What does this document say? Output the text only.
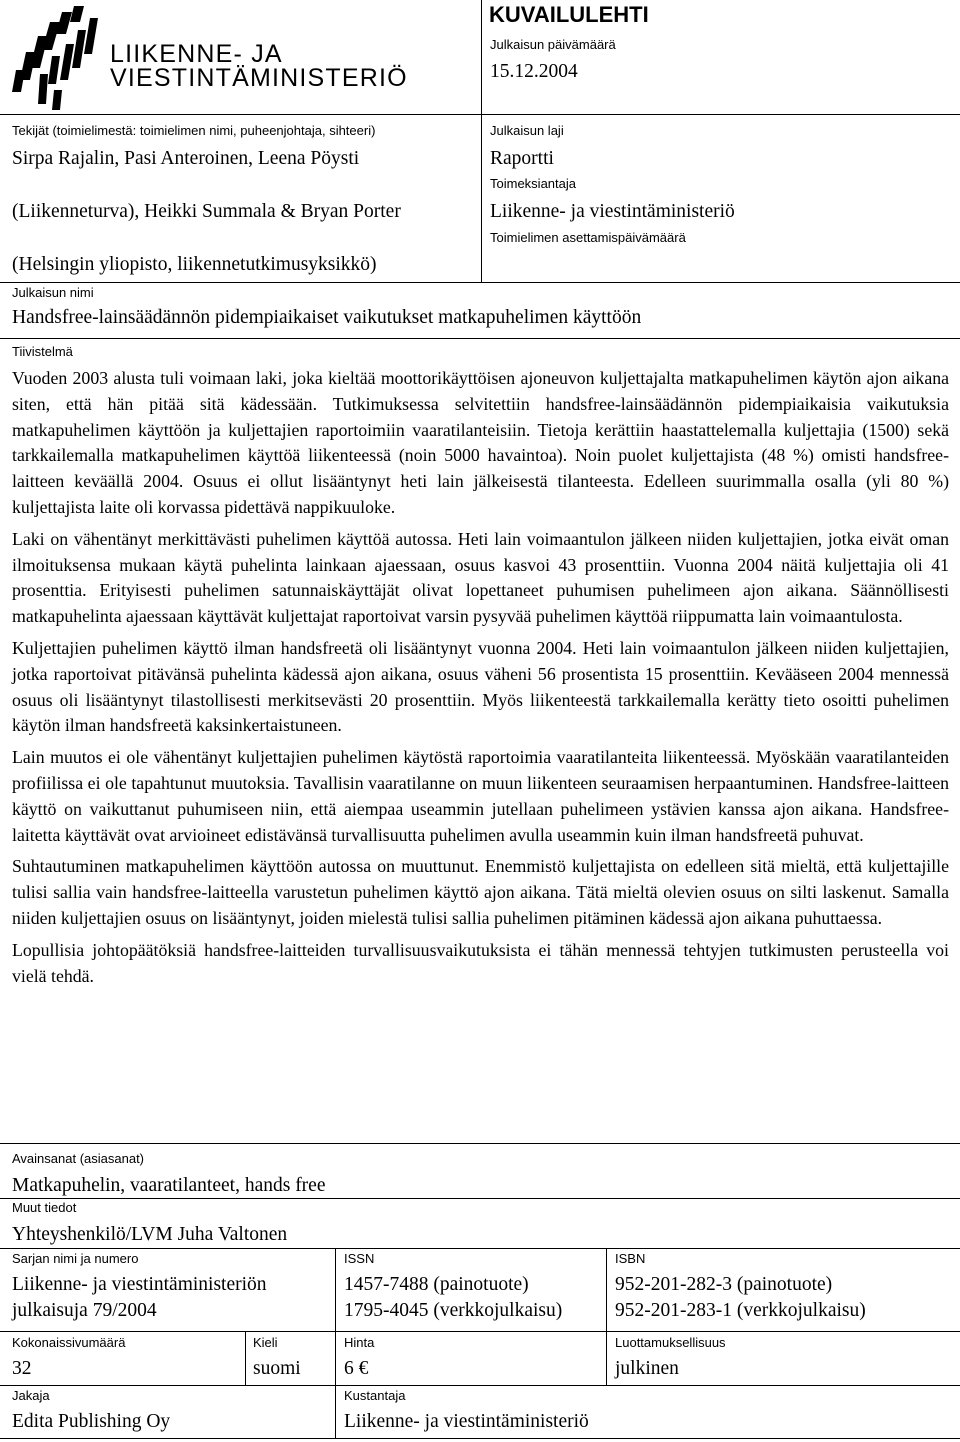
LIIKENNE- JA
VIESTINTÄMINISTERIÖ
KUVAILULEHTI
Julkaisun päivämäärä
15.12.2004
Tekijät (toimielimestä: toimielimen nimi, puheenjohtaja, sihteeri)
Sirpa Rajalin, Pasi Anteroinen, Leena Pöysti
(Liikenneturva), Heikki Summala & Bryan Porter
(Helsingin yliopisto, liikennetutkimusyksikkö)
Julkaisun laji
Raportti
Toimeksiantaja
Liikenne- ja viestintäministeriö
Toimielimen asettamispäivämäärä
Julkaisun nimi
Handsfree-lainsäädännön pidempiaikaiset vaikutukset matkapuhelimen käyttöön
Tiivistelmä

Vuoden 2003 alusta tuli voimaan laki, joka kieltää moottorikäyttöisen ajoneuvon kuljettajalta matkapuhelimen käytön ajon aikana siten, että hän pitää sitä kädessään. Tutkimuksessa selvitettiin handsfree-lainsäädännön pidempiaikaisia vaikutuksia matkapuhelimen käyttöön ja kuljettajien raportoimiin vaaratilanteisiin. Tietoja kerättiin haastattelemalla kuljettajia (1500) sekä tarkkailemalla matkapuhelimen käyttöä liikenteessä (noin 5000 havaintoa). Noin puolet kuljettajista (48 %) omisti handsfree-laitteen keväällä 2004. Osuus ei ollut lisääntynyt heti lain jälkeisestä tilanteesta. Edelleen suurimmalla osalla (yli 80 %) kuljettajista laite oli korvassa pidettävä nappikuuloke.

Laki on vähentänyt merkittävästi puhelimen käyttöä autossa. Heti lain voimaantulon jälkeen niiden kuljettajien, jotka eivät oman ilmoituksensa mukaan käytä puhelinta lainkaan ajaessaan, osuus kasvoi 43 prosenttiin. Vuonna 2004 näitä kuljettajia oli 41 prosenttia. Erityisesti puhelimen satunnaiskäyttäjät olivat lopettaneet puhumisen puhelimeen ajon aikana. Säännöllisesti matkapuhelinta ajaessaan käyttävät kuljettajat raportoivat varsin pysyvää puhelimen käyttöä riippumatta lain voimaantulosta.

Kuljettajien puhelimen käyttö ilman handsfreetä oli lisääntynyt vuonna 2004. Heti lain voimaantulon jälkeen niiden kuljettajien, jotka raportoivat pitävänsä puhelinta kädessä ajon aikana, osuus väheni 56 prosentista 15 prosenttiin. Kevääseen 2004 mennessä osuus oli lisääntynyt tilastollisesti merkitsevästi 20 prosenttiin. Myös liikenteestä tarkkailemalla kerätty tieto osoitti puhelimen käytön ilman handsfreetä kaksinkertaistuneen.

Lain muutos ei ole vähentänyt kuljettajien puhelimen käytöstä raportoimia vaaratilanteita liikenteessä. Myöskään vaaratilanteiden profiilissa ei ole tapahtunut muutoksia. Tavallisin vaaratilanne on muun liikenteen seuraamisen herpaantuminen. Handsfree-laitteen käyttö on vaikuttanut puhumiseen niin, että aiempaa useammin jutellaan puhelimeen ystävien kanssa ajon aikana. Handsfree-laitetta käyttävät ovat arvioineet edistävänsä turvallisuutta puhelimen avulla useammin kuin ilman handsfreetä puhuvat.

Suhtautuminen matkapuhelimen käyttöön autossa on muuttunut. Enemmistö kuljettajista on edelleen sitä mieltä, että kuljettajille tulisi sallia vain handsfree-laitteella varustetun puhelimen käyttö ajon aikana. Tätä mieltä olevien osuus on silti laskenut. Samalla niiden kuljettajien osuus on lisääntynyt, joiden mielestä tulisi sallia puhelimen pitäminen kädessä ajon aikana puhuttaessa.

Lopullisia johtopäätöksiä handsfree-laitteiden turvallisuusvaikutuksista ei tähän mennessä tehtyjen tutkimusten perusteella voi vielä tehdä.

Avainsanat (asiasanat)
Matkapuhelin, vaaratilanteet, hands free
Muut tiedot
Yhteyshenkilö/LVM Juha Valtonen
Sarjan nimi ja numero
Liikenne- ja viestintäministeriön
julkaisuja 79/2004
ISSN
1457-7488 (painotuote)
1795-4045 (verkkojulkaisu)
ISBN
952-201-282-3 (painotuote)
952-201-283-1 (verkkojulkaisu)
Kokonaissivumäärä
32
Kieli
suomi
Hinta
6 €
Luottamuksellisuus
julkinen
Jakaja
Edita Publishing Oy
Kustantaja
Liikenne- ja viestintäministeriö
